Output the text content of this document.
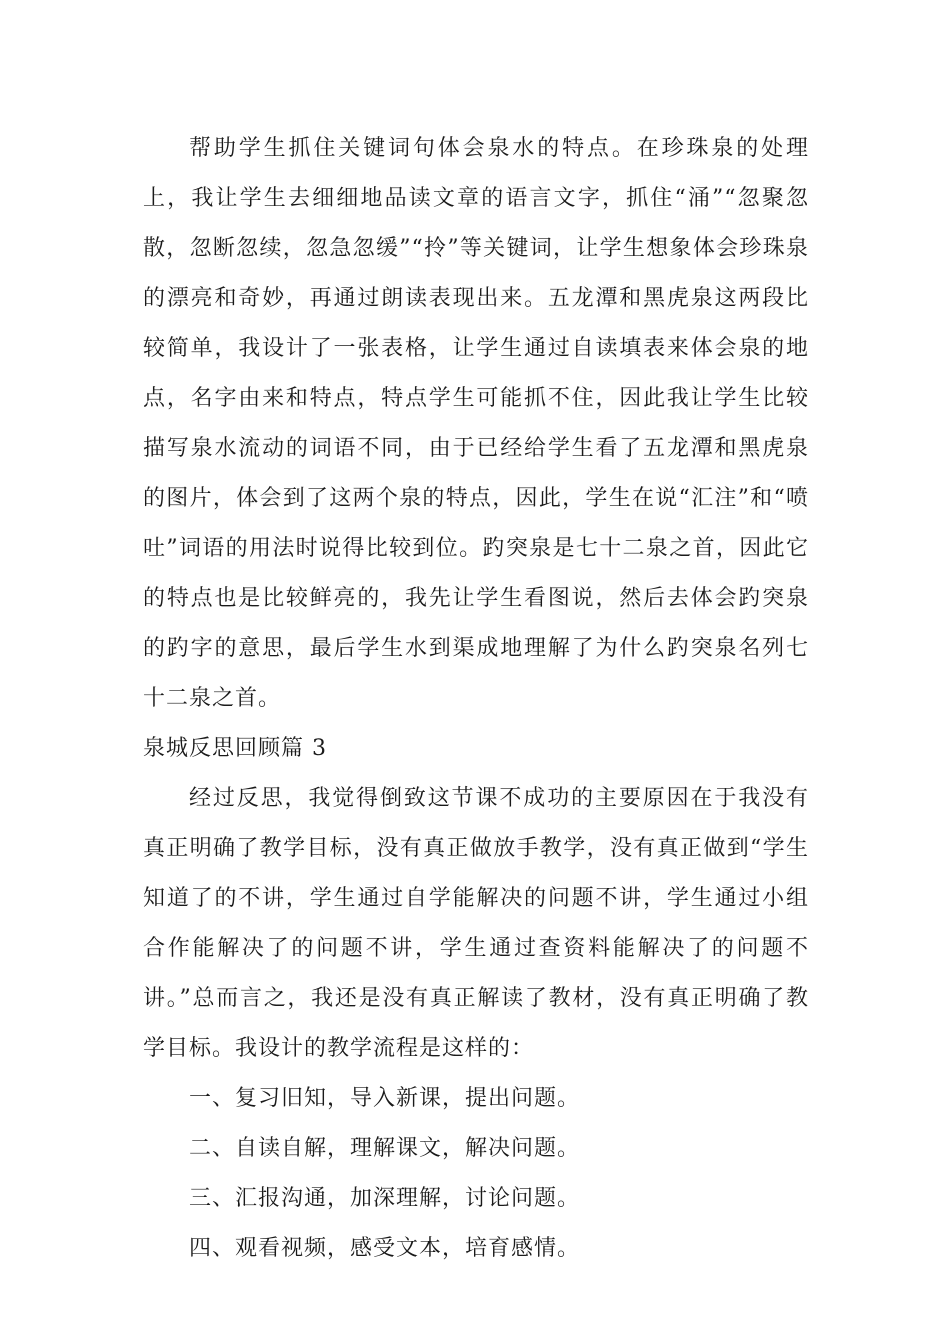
帮助学生抓住关键词句体会泉水的特点。在珍珠泉的处理上，我让学生去细细地品读文章的语言文字，抓住“涌”“忽聚忽散，忽断忽续，忽急忽缓”“拎”等关键词，让学生想象体会珍珠泉的漂亮和奇妙，再通过朗读表现出来。五龙潭和黑虎泉这两段比较简单，我设计了一张表格，让学生通过自读填表来体会泉的地点，名字由来和特点，特点学生可能抓不住，因此我让学生比较描写泉水流动的词语不同，由于已经给学生看了五龙潭和黑虎泉的图片，体会到了这两个泉的特点，因此，学生在说“汇注”和“喷吐”词语的用法时说得比较到位。趵突泉是七十二泉之首，因此它的特点也是比较鲜亮的，我先让学生看图说，然后去体会趵突泉的趵字的意思，最后学生水到渠成地理解了为什么趵突泉名列七十二泉之首。

泉城反思回顾篇 3

经过反思，我觉得倒致这节课不成功的主要原因在于我没有真正明确了教学目标，没有真正做放手教学，没有真正做到“学生知道了的不讲，学生通过自学能解决的问题不讲，学生通过小组合作能解决了的问题不讲，学生通过查资料能解决了的问题不讲。”总而言之，我还是没有真正解读了教材，没有真正明确了教学目标。我设计的教学流程是这样的：

一、复习旧知，导入新课，提出问题。

二、自读自解，理解课文，解决问题。

三、汇报沟通，加深理解，讨论问题。

四、观看视频，感受文本，培育感情。
